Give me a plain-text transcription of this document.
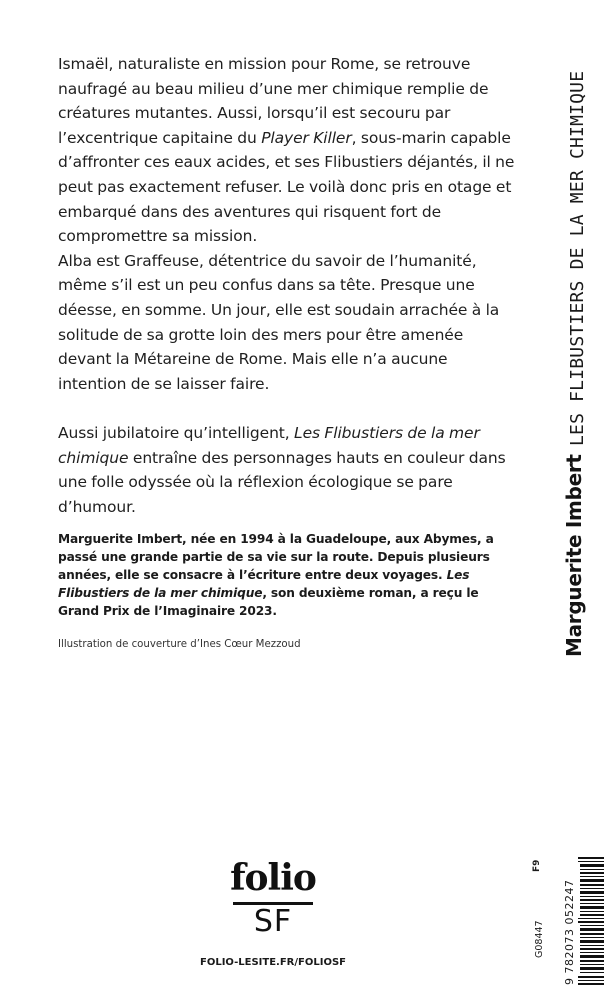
Ismaël, naturaliste en mission pour Rome, se retrouve naufragé au beau milieu d’une mer chimique remplie de créatures mutantes. Aussi, lorsqu’il est secouru par l’excentrique capitaine du Player Killer, sous-marin capable d’affronter ces eaux acides, et ses Flibustiers déjantés, il ne peut pas exactement refuser. Le voilà donc pris en otage et embarqué dans des aventures qui risquent fort de compromettre sa mission.

Alba est Graffeuse, détentrice du savoir de l’humanité, même s’il est un peu confus dans sa tête. Presque une déesse, en somme. Un jour, elle est soudain arrachée à la solitude de sa grotte loin des mers pour être amenée devant la Métareine de Rome. Mais elle n’a aucune intention de se laisser faire.

Aussi jubilatoire qu’intelligent, Les Flibustiers de la mer chimique entraîne des personnages hauts en couleur dans une folle odyssée où la réflexion écologique se pare d’humour.

Marguerite Imbert, née en 1994 à la Guadeloupe, aux Abymes, a passé une grande partie de sa vie sur la route. Depuis plusieurs années, elle se consacre à l’écriture entre deux voyages. Les Flibustiers de la mer chimique, son deuxième roman, a reçu le Grand Prix de l’Imaginaire 2023.

Illustration de couverture d’Ines Cœur Mezzoud
LES FLIBUSTIERS DE LA MER CHIMIQUE
Marguerite Imbert
folio
SF
FOLIO-LESITE.FR/FOLIOSF
F9
G08447 9 782073 052247
